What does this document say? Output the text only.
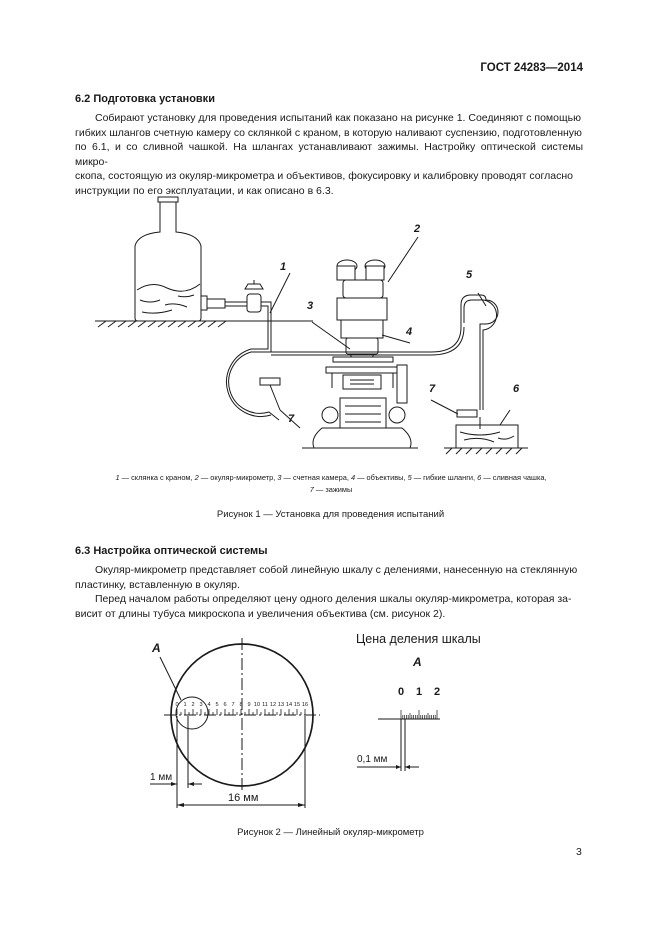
ГОСТ 24283—2014
6.2 Подготовка установки
Собирают установку для проведения испытаний как показано на рисунке 1. Соединяют с помощью
гибких шлангов счетную камеру со склянкой с краном, в которую наливают суспензию, подготовленную
по 6.1, и со сливной чашкой. На шлангах устанавливают зажимы. Настройку оптической системы микро-
скопа, состоящую из окуляр-микрометра и объективов, фокусировку и калибровку проводят согласно
инструкции по его эксплуатации, и как описано в 6.3.
1
2
3
4
5
6
7
7
1 — склянка с краном, 2 — окуляр-микрометр, 3 — счетная камера, 4 — объективы, 5 — гибкие шланги, 6 — сливная чашка,
7 — зажимы
Рисунок 1 — Установка для проведения испытаний
6.3 Настройка оптической системы
Окуляр-микрометр представляет собой линейную шкалу с делениями, нанесенную на стеклянную
пластинку, вставленную в окуляр.
Перед началом работы определяют цену одного деления шкалы окуляр-микрометра, которая за-
висит от длины тубуса микроскопа и увеличения объектива (см. рисунок 2).
A
0 1 2 3 4 5 6 7 8 9 10 11 12 13 14 15 16
1 мм
16 мм
Цена деления шкалы
A
0 1 2
0,1 мм
Рисунок 2 — Линейный окуляр-микрометр
3
